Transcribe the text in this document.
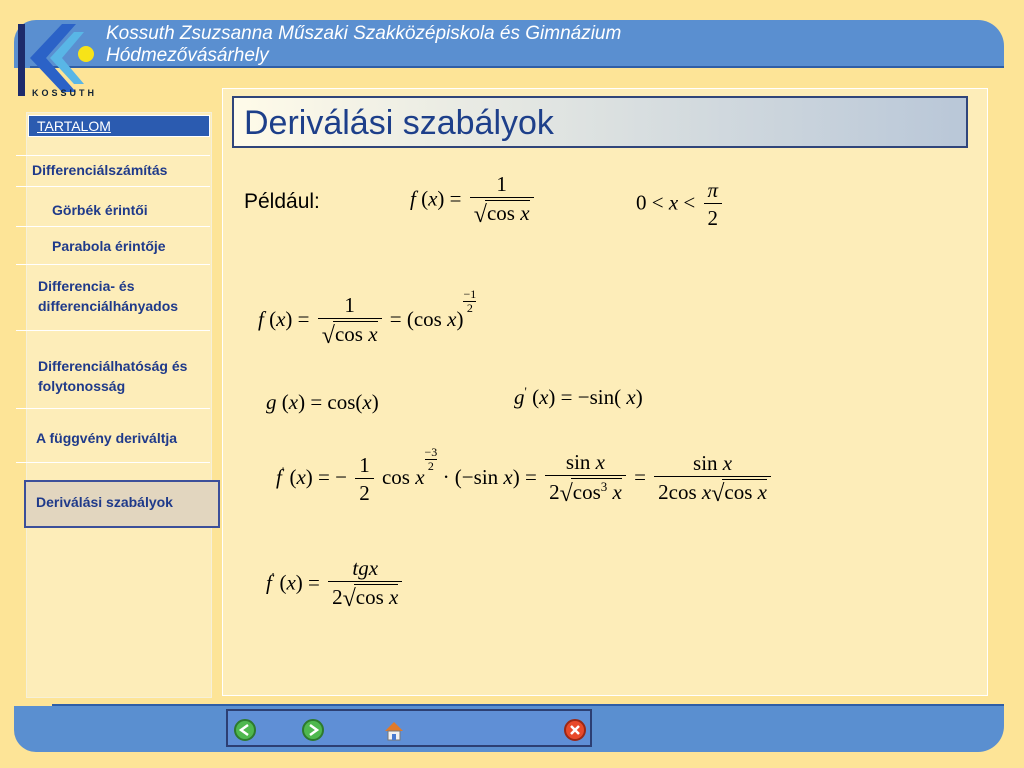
KOSSUTH
Kossuth Zsuzsanna Műszaki Szakközépiskola és Gimnázium
Hódmezővásárhely
TARTALOM
Differenciálszámítás
Görbék érintői
Parabola érintője
Differencia- és differenciálhányados
Differenciálhatóság és folytonosság
A függvény deriváltja
Deriválási szabályok
Deriválási szabályok
Például:	f $(x) = \frac{1}{\text{√cos x}}$	$0 < x < \frac{\pi}{2}$
f $(x) = \frac{1}{\text{√cos x}} = (\cos$ x)
$\frac{-1}{2}$
g (x) = cos(x)	g' (x) = −sin( x)
f' (x) = − $\frac{1}{2}$ cos x
$\frac{-3}{2}$
· (−sin $x) = \frac{\text{sin x}}{2√\cos^3 x} = \frac{\text{sin x}}{\text{2cos x√cos x}}$
f' $(x) = \frac{\text{tgx}}{\text{2√cos x}}$
